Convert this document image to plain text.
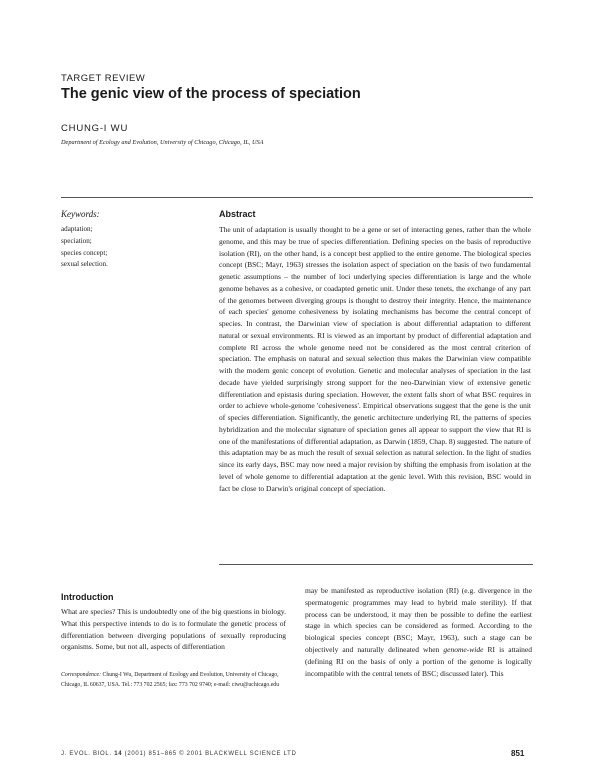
TARGET REVIEW
The genic view of the process of speciation
CHUNG-I WU
Department of Ecology and Evolution, University of Chicago, Chicago, IL, USA
Keywords:
adaptation;
speciation;
species concept;
sexual selection.
Abstract
The unit of adaptation is usually thought to be a gene or set of interacting genes, rather than the whole genome, and this may be true of species differentiation. Defining species on the basis of reproductive isolation (RI), on the other hand, is a concept best applied to the entire genome. The biological species concept (BSC; Mayr, 1963) stresses the isolation aspect of speciation on the basis of two fundamental genetic assumptions – the number of loci underlying species differentiation is large and the whole genome behaves as a cohesive, or coadapted genetic unit. Under these tenets, the exchange of any part of the genomes between diverging groups is thought to destroy their integrity. Hence, the maintenance of each species' genome cohesiveness by isolating mechanisms has become the central concept of species. In contrast, the Darwinian view of speciation is about differential adaptation to different natural or sexual environments. RI is viewed as an important by product of differential adaptation and complete RI across the whole genome need not be considered as the most central criterion of speciation. The emphasis on natural and sexual selection thus makes the Darwinian view compatible with the modern genic concept of evolution. Genetic and molecular analyses of speciation in the last decade have yielded surprisingly strong support for the neo-Darwinian view of extensive genetic differentiation and epistasis during speciation. However, the extent falls short of what BSC requires in order to achieve whole-genome 'cohesiveness'. Empirical observations suggest that the gene is the unit of species differentiation. Significantly, the genetic architecture underlying RI, the patterns of species hybridization and the molecular signature of speciation genes all appear to support the view that RI is one of the manifestations of differential adaptation, as Darwin (1859, Chap. 8) suggested. The nature of this adaptation may be as much the result of sexual selection as natural selection. In the light of studies since its early days, BSC may now need a major revision by shifting the emphasis from isolation at the level of whole genome to differential adaptation at the genic level. With this revision, BSC would in fact be close to Darwin's original concept of speciation.
Introduction
What are species? This is undoubtedly one of the big questions in biology. What this perspective intends to do is to formulate the genetic process of differentiation between diverging populations of sexually reproducing organisms. Some, but not all, aspects of differentiation
Correspondence: Chung-I Wu, Department of Ecology and Evolution, University of Chicago, Chicago, IL 60637, USA. Tel.: 773 702 2565; fax: 773 702 9740; e-mail: ciwu@uchicago.edu
may be manifested as reproductive isolation (RI) (e.g. divergence in the spermatogenic programmes may lead to hybrid male sterility). If that process can be understood, it may then be possible to define the earliest stage in which species can be considered as formed. According to the biological species concept (BSC; Mayr, 1963), such a stage can be objectively and naturally delineated when genome-wide RI is attained (defining RI on the basis of only a portion of the genome is logically incompatible with the central tenets of BSC; discussed later). This
J. EVOL. BIOL. 14 (2001) 851–865 © 2001 BLACKWELL SCIENCE LTD	851
